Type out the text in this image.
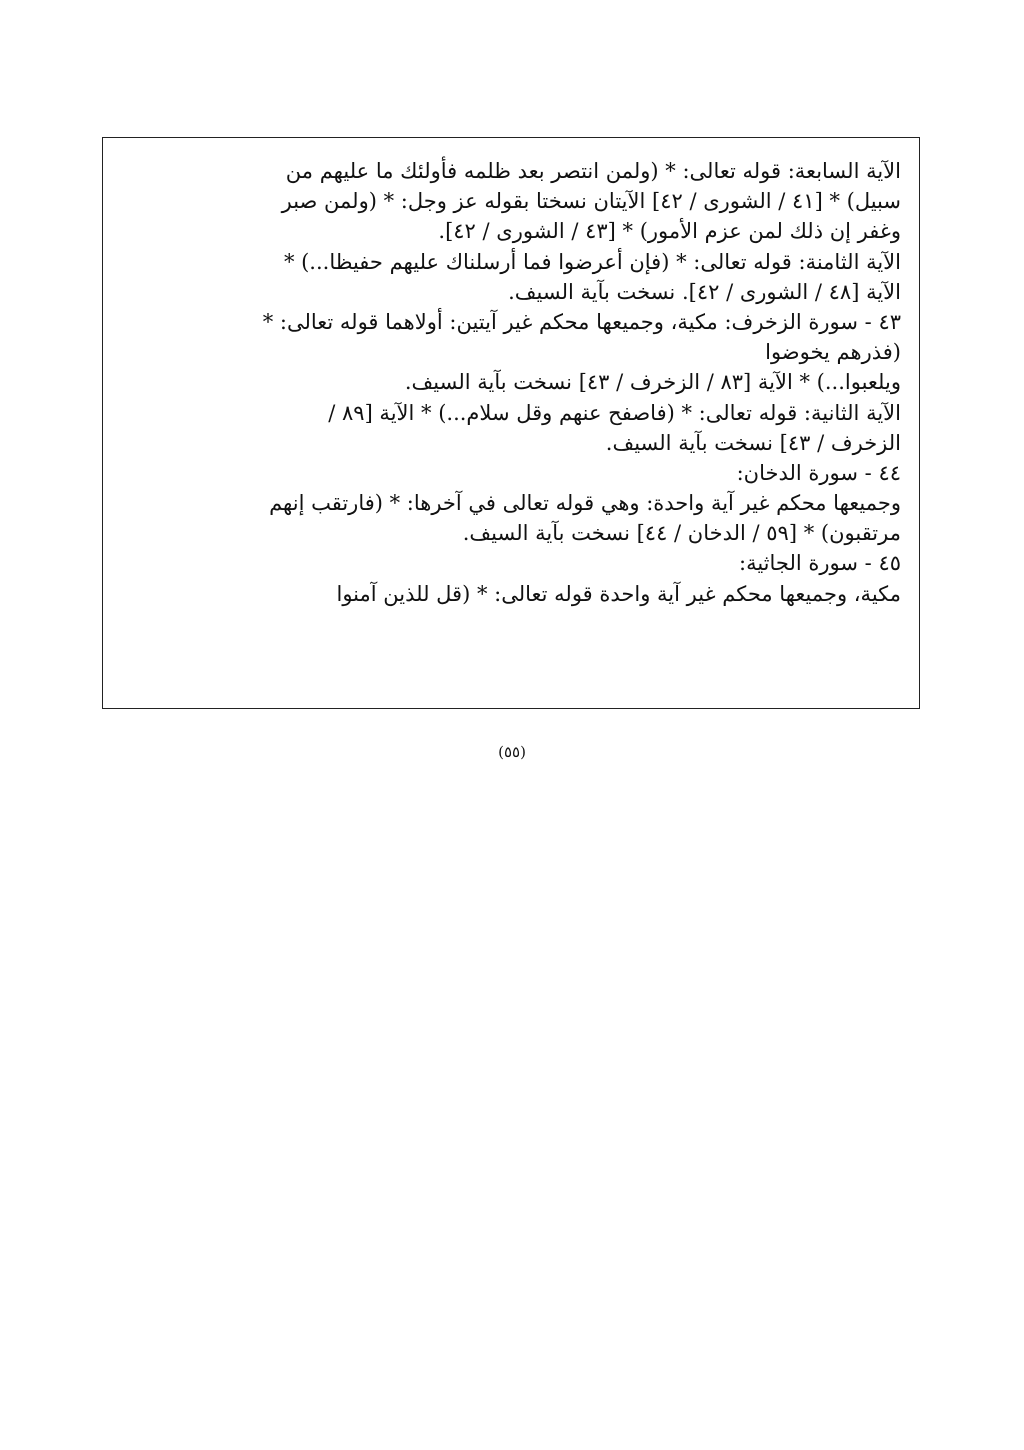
الآية السابعة: قوله تعالى: * (ولمن انتصر بعد ظلمه فأولئك ما عليهم من
سبيل) * [٤١ / الشورى / ٤٢] الآيتان نسختا بقوله عز وجل: * (ولمن صبر
وغفر إن ذلك لمن عزم الأمور) * [٤٣ / الشورى / ٤٢].
الآية الثامنة: قوله تعالى: * (فإن أعرضوا فما أرسلناك عليهم حفيظا...) *
الآية [٤٨ / الشورى / ٤٢]. نسخت بآية السيف.
٤٣ - سورة الزخرف: مكية، وجميعها محكم غير آيتين: أولاهما قوله تعالى: *
(فذرهم يخوضوا
ويلعبوا...) * الآية [٨٣ / الزخرف / ٤٣] نسخت بآية السيف.
الآية الثانية: قوله تعالى: * (فاصفح عنهم وقل سلام...) * الآية [٨٩ /
الزخرف / ٤٣] نسخت بآية السيف.
٤٤ - سورة الدخان:
وجميعها محكم غير آية واحدة: وهي قوله تعالى في آخرها: * (فارتقب إنهم
مرتقبون) * [٥٩ / الدخان / ٤٤] نسخت بآية السيف.
٤٥ - سورة الجاثية:
مكية، وجميعها محكم غير آية واحدة قوله تعالى: * (قل للذين آمنوا
(٥٥)
